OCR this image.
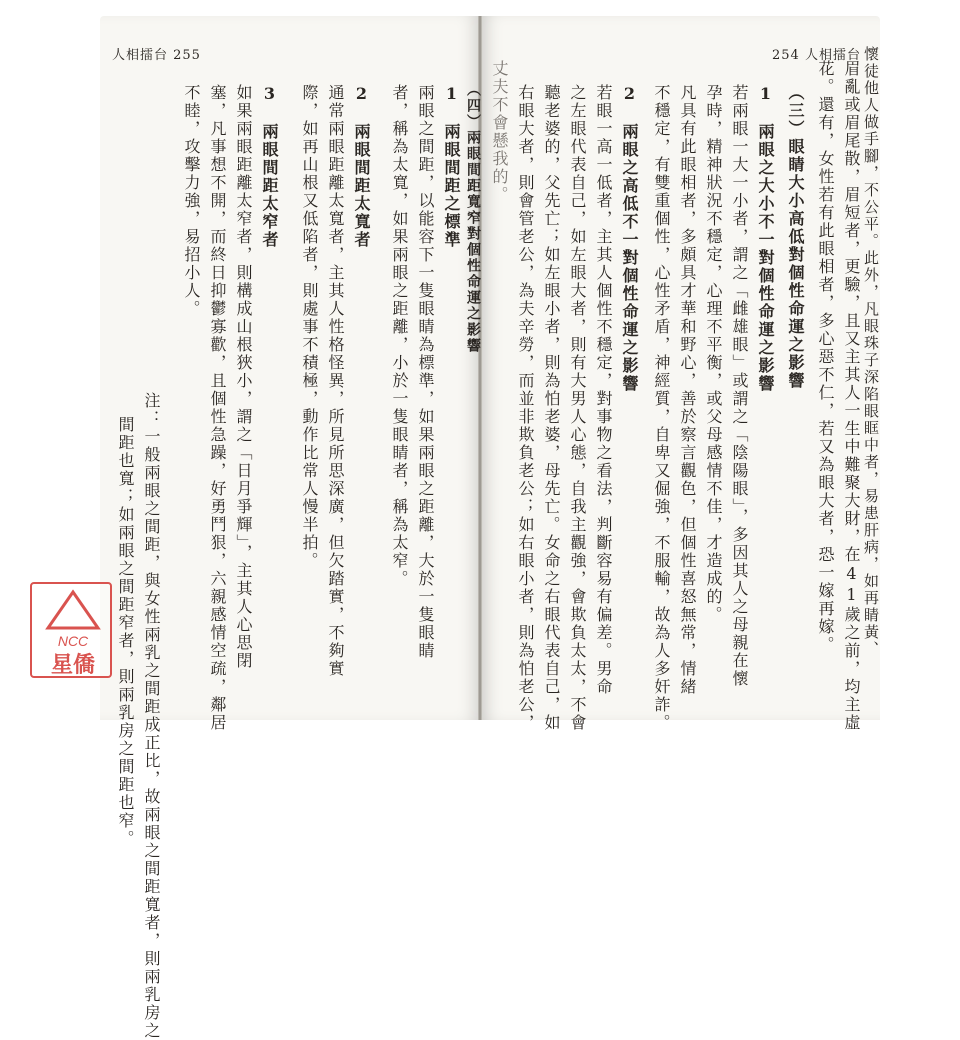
人相擂台 255	254 人相擂台
注：一般兩眼之間距，與女性兩乳之間距成正比，故兩眼之間距寬者，則兩乳房之
間距也寬；如兩眼之間距窄者，則兩乳房之間距也窄。
不睦，攻擊力強，易招小人。 塞，凡事想不開，而終日抑鬱寡歡，且個性急躁，好勇鬥狠，六親感情空疏，鄰居 如果兩眼距離太窄者，則構成山根狹小，謂之「日月爭輝」，主其人心思閉 3　兩眼間距太窄者 際，如再山根又低陷者，則處事不積極，動作比常人慢半拍。 通常兩眼距離太寬者，主其人性格怪異，所見所思深廣，但欠踏實，不夠實 2　兩眼間距太寬者 者，稱為太寬，如果兩眼之距離，小於一隻眼睛者，稱為太窄。 兩眼之間距，以能容下一隻眼睛為標準，如果兩眼之距離，大於一隻眼睛 1　兩眼間距之標準 （四）兩眼間距寬窄對個性命運之影響 丈夫不會懸我的。 右眼大者，則會管老公，為夫辛勞，而並非欺負老公；如右眼小者，則為怕老公， 聽老婆的，父先亡；如左眼小者，則為怕老婆，母先亡。女命之右眼代表自己，如 之左眼代表自己，如左眼大者，則有大男人心態，自我主觀強，會欺負太太，不會 若眼一高一低者，主其人個性不穩定，對事物之看法，判斷容易有偏差。男命 2　兩眼之高低不一對個性命運之影響 不穩定，有雙重個性，心性矛盾，神經質，自卑又倔強，不服輸，故為人多奸詐。 凡具有此眼相者，多頗具才華和野心，善於察言觀色，但個性喜怒無常，情緒 孕時，精神狀況不穩定，心理不平衡，或父母感情不佳，才造成的。 若兩眼一大一小者，謂之「雌雄眼」或謂之「陰陽眼」，多因其人之母親在懷 1　兩眼之大小不一對個性命運之影響 （三）眼睛大小高低對個性命運之影響 花。還有，女性若有此眼相者，多心惡不仁，若又為眼大者，恐一嫁再嫁。 眉亂或眉尾散，眉短者，更驗，且又主其人一生中難聚大財，在41歲之前，均主虛 懷徒他人做手腳，不公平。此外，凡眼珠子深陷眼眶中者，易患肝病，如再睛黃、
NCC
星僑
